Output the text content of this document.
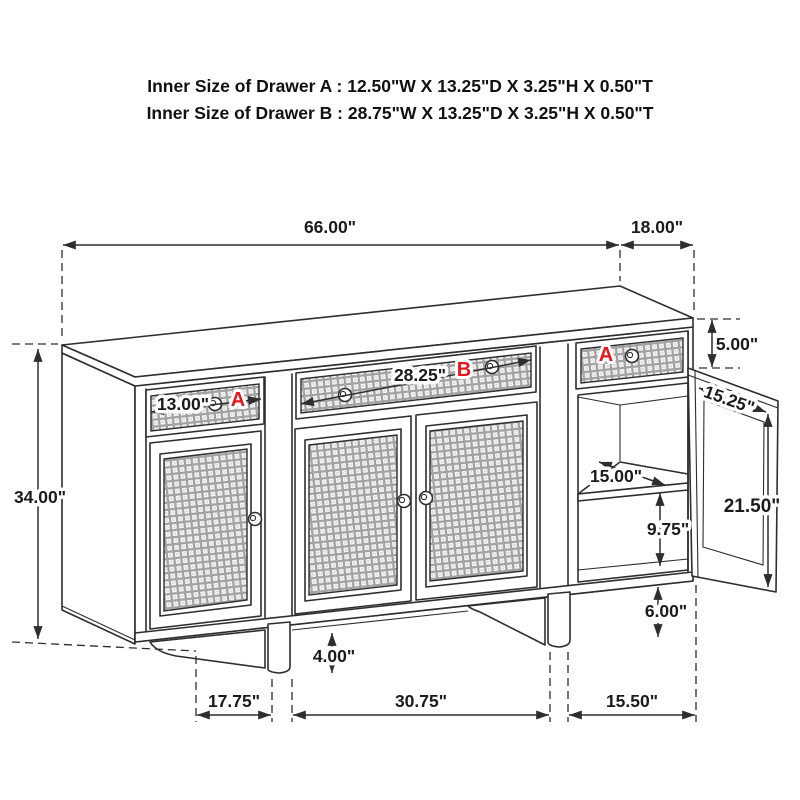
Inner Size of Drawer A : 12.50"W X 13.25"D X 3.25"H X 0.50"T
Inner Size of Drawer B : 28.75"W X 13.25"D X 3.25"H X 0.50"T
66.00"	18.00"
34.00"
13.00" A
28.25" B
A	5.00"
15.25"
21.50"
15.00"
9.75"
6.00"
4.00"
17.75"	30.75"	15.50"
